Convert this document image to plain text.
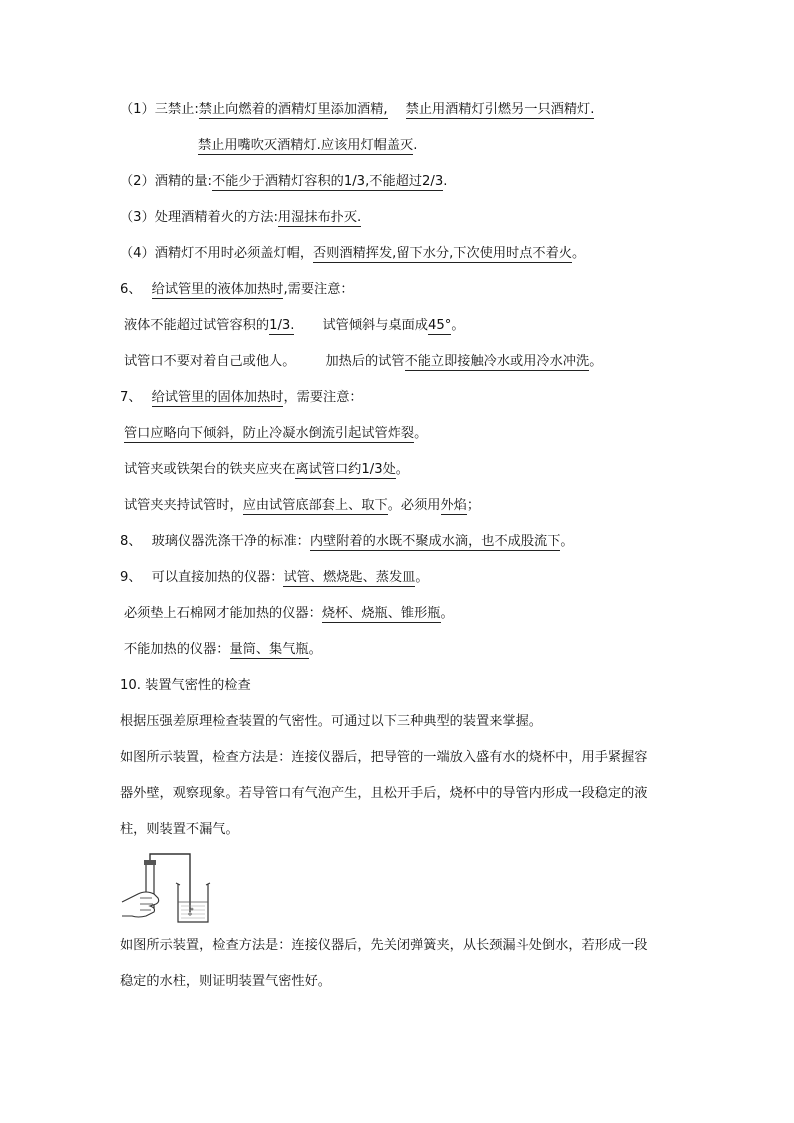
（1）三禁止:禁止向燃着的酒精灯里添加酒精, 禁止用酒精灯引燃另一只酒精灯.
禁止用嘴吹灭酒精灯.应该用灯帽盖灭.
（2）酒精的量:不能少于酒精灯容积的1/3,不能超过2/3.
（3）处理酒精着火的方法:用湿抹布扑灭.
（4）酒精灯不用时必须盖灯帽，否则酒精挥发,留下水分,下次使用时点不着火。
6、 给试管里的液体加热时,需要注意：
液体不能超过试管容积的1/3. 试管倾斜与桌面成45°。
试管口不要对着自己或他人。 加热后的试管不能立即接触冷水或用冷水冲洗。
7、 给试管里的固体加热时，需要注意：
管口应略向下倾斜，防止冷凝水倒流引起试管炸裂。
试管夹或铁架台的铁夹应夹在离试管口约1/3处。
试管夹夹持试管时，应由试管底部套上、取下。必须用外焰；
8、 玻璃仪器洗涤干净的标准：内壁附着的水既不聚成水滴，也不成股流下。
9、 可以直接加热的仪器：试管、燃烧匙、蒸发皿。
必须垫上石棉网才能加热的仪器：烧杯、烧瓶、锥形瓶。
不能加热的仪器：量筒、集气瓶。
10. 装置气密性的检查
根据压强差原理检查装置的气密性。可通过以下三种典型的装置来掌握。
如图所示装置，检查方法是：连接仪器后，把导管的一端放入盛有水的烧杯中，用手紧握容
器外壁，观察现象。若导管口有气泡产生，且松开手后，烧杯中的导管内形成一段稳定的液
柱，则装置不漏气。
如图所示装置，检查方法是：连接仪器后，先关闭弹簧夹，从长颈漏斗处倒水，若形成一段
稳定的水柱，则证明装置气密性好。
